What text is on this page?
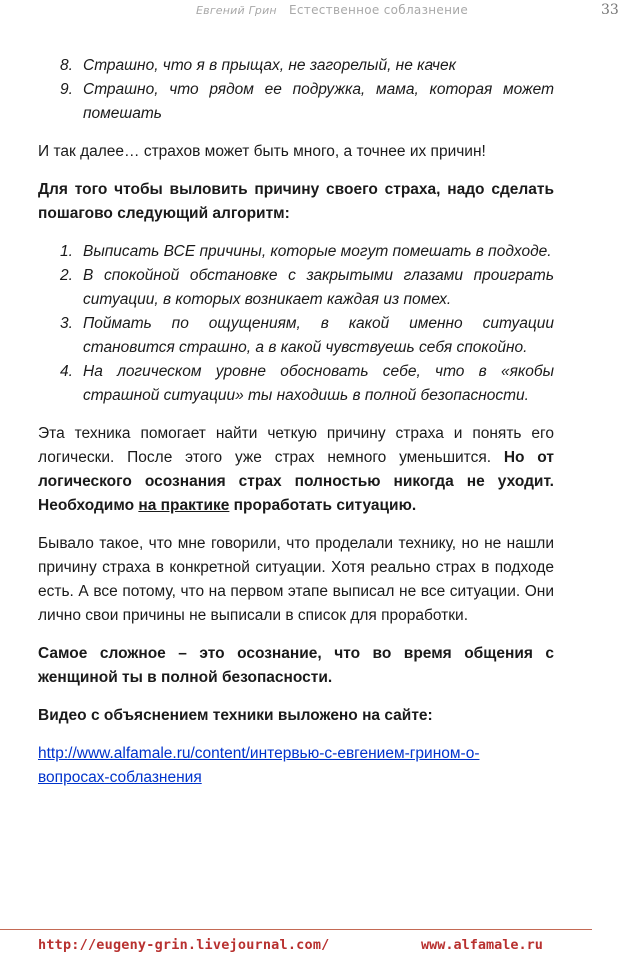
Евгений Грин Естественное соблазнение	33
8. Страшно, что я в прыщах, не загорелый, не качек
9. Страшно, что рядом ее подружка, мама, которая может помешать

И так далее… страхов может быть много, а точнее их причин!

Для того чтобы выловить причину своего страха, надо сделать пошагово следующий алгоритм:

1. Выписать ВСЕ причины, которые могут помешать в подходе.
2. В спокойной обстановке с закрытыми глазами проиграть ситуации, в которых возникает каждая из помех.
3. Поймать по ощущениям, в какой именно ситуации становится страшно, а в какой чувствуешь себя спокойно.
4. На логическом уровне обосновать себе, что в «якобы страшной ситуации» ты находишь в полной безопасности.

Эта техника помогает найти четкую причину страха и понять его логически. После этого уже страх немного уменьшится. Но от логического осознания страх полностью никогда не уходит. Необходимо на практике проработать ситуацию.

Бывало такое, что мне говорили, что проделали технику, но не нашли причину страха в конкретной ситуации. Хотя реально страх в подходе есть. А все потому, что на первом этапе выписал не все ситуации. Они лично свои причины не выписали в список для проработки.

Самое сложное – это осознание, что во время общения с женщиной ты в полной безопасности.

Видео с объяснением техники выложено на сайте:

http://www.alfamale.ru/content/интервью-с-евгением-грином-о-
вопросах-соблазнения

http://eugeny-grin.livejournal.com/	www.alfamale.ru
